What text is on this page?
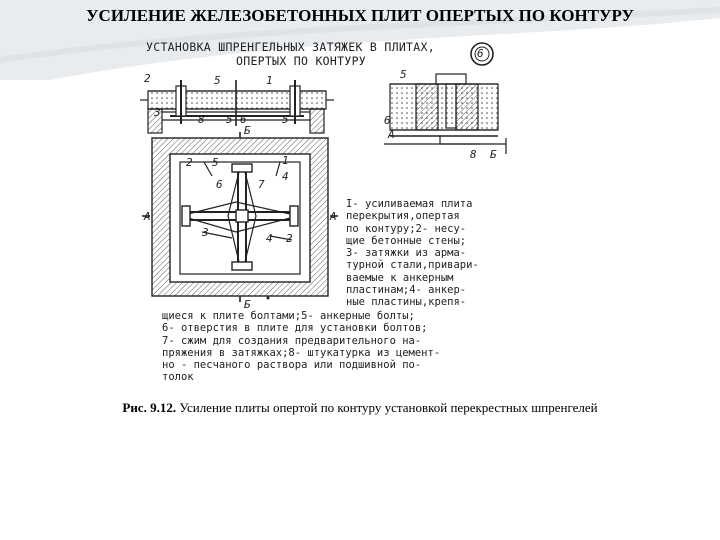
УСИЛЕНИЕ ЖЕЛЕЗОБЕТОННЫХ ПЛИТ ОПЕРТЫХ ПО КОНТУРУ
УСТАНОВКА ШПРЕНГЕЛЬНЫХ ЗАТЯЖЕК В ПЛИТАХ,
ОПЕРТЫХ ПО КОНТУРУ
2	5	1
8 5 6	5
3
5
6
А
8 Б
2 5	1
4
6	7
3	4 2
А	А
Б
Б
6
I- усиливаемая плита
перекрытия,опертая
по контуру;2- несу-
щие бетонные стены;
3- затяжки из арма-
турной стали,привари-
ваемые к анкерным
пластинам;4- анкер-
ные пластины,крепя-
щиеся к плите болтами;5- анкерные болты;
6- отверстия в плите для установки болтов;
7- сжим для создания предварительного на-
пряжения в затяжках;8- штукатурка из цемент-
но - песчаного раствора или подшивной по-
толок
Рис. 9.12. Усиление плиты опертой по контуру установкой перекрестных шпренгелей
